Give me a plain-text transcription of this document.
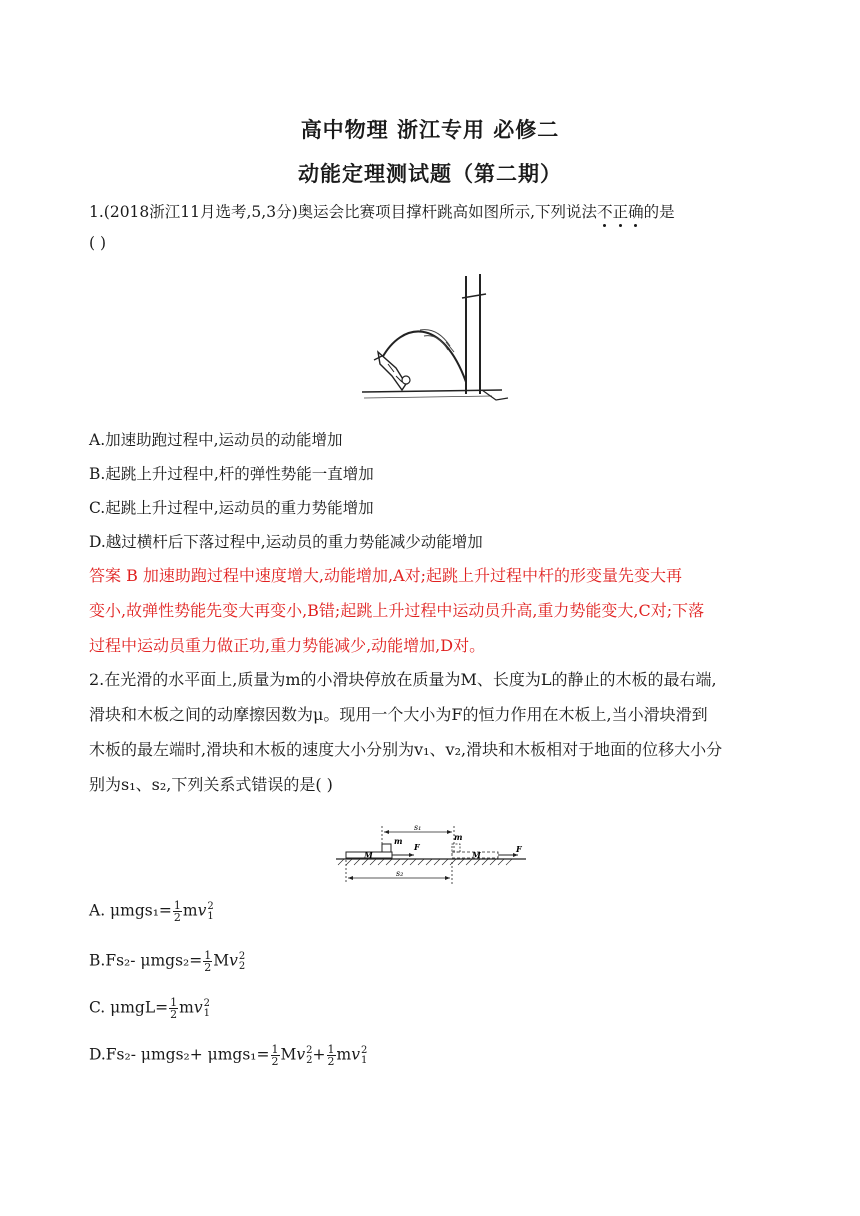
高中物理 浙江专用 必修二
动能定理测试题（第二期）
1.(2018浙江11月选考,5,3分)奥运会比赛项目撑杆跳高如图所示,下列说法不正确的是
( )
A.加速助跑过程中,运动员的动能增加
B.起跳上升过程中,杆的弹性势能一直增加
C.起跳上升过程中,运动员的重力势能增加
D.越过横杆后下落过程中,运动员的重力势能减少动能增加
答案 B 加速助跑过程中速度增大,动能增加,A对;起跳上升过程中杆的形变量先变大再
变小,故弹性势能先变大再变小,B错;起跳上升过程中运动员升高,重力势能变大,C对;下落
过程中运动员重力做正功,重力势能减少,动能增加,D对。
2.在光滑的水平面上,质量为m的小滑块停放在质量为M、长度为L的静止的木板的最右端,
滑块和木板之间的动摩擦因数为μ。现用一个大小为F的恒力作用在木板上,当小滑块滑到
木板的最左端时,滑块和木板的速度大小分别为v₁、v₂,滑块和木板相对于地面的位移大小分
别为s₁、s₂,下列关系式错误的是( )
s₁
m
M
F
m
M
F
s₂
A. $\mu mgs_1= \frac{1}{2}$ mv 2
1
B.Fs₂- $\mu mgs_2= \frac{1}{2}$ Mv 2
2
C. $\mu mgL= \frac{1}{2}$ mv 2
1
D.Fs₂- $\mu mgs_2+ \mu mgs_1= \frac{1}{2}$ Mv 2
$2 + \frac{1}{2}$ mv 2
1
